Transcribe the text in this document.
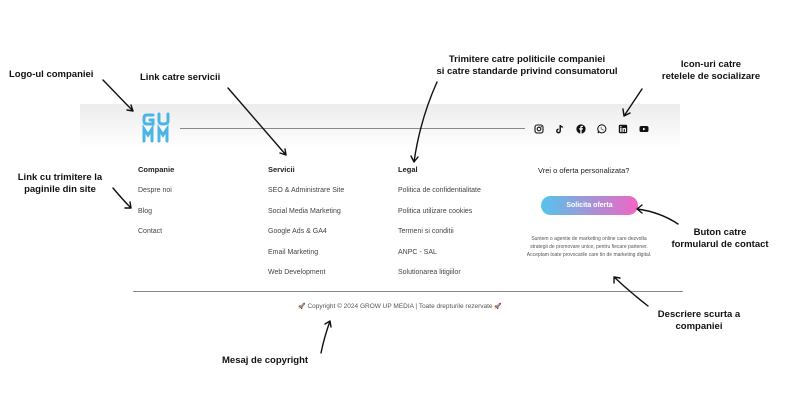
Companie
Despre noi
Blog
Contact
Servicii
SEO & Administrare Site
Social Media Marketing
Google Ads & GA4
Email Marketing
Web Development
Legal
Politica de confidentialitate
Politica utilizare cookies
Termeni si conditii
ANPC - SAL
Solutionarea litigiilor
Vrei o oferta personalizata?
Solicita oferta
Suntem o agentie de marketing online care dezvolta strategii de promovare unice, pentru fiecare partener. Acceptam toate provocarile care tin de marketing digital.
🚀 Copyright © 2024 GROW UP MEDIA | Toate drepturile rezervate 🚀
Logo-ul companiei	Link catre servicii
Trimitere catre politicile companiei
si catre standarde privind consumatorul
Icon-uri catre
retelele de socializare
Link cu trimitere la
paginile din site
Buton catre
formularul de contact
Descriere scurta a
companiei
Mesaj de copyright
